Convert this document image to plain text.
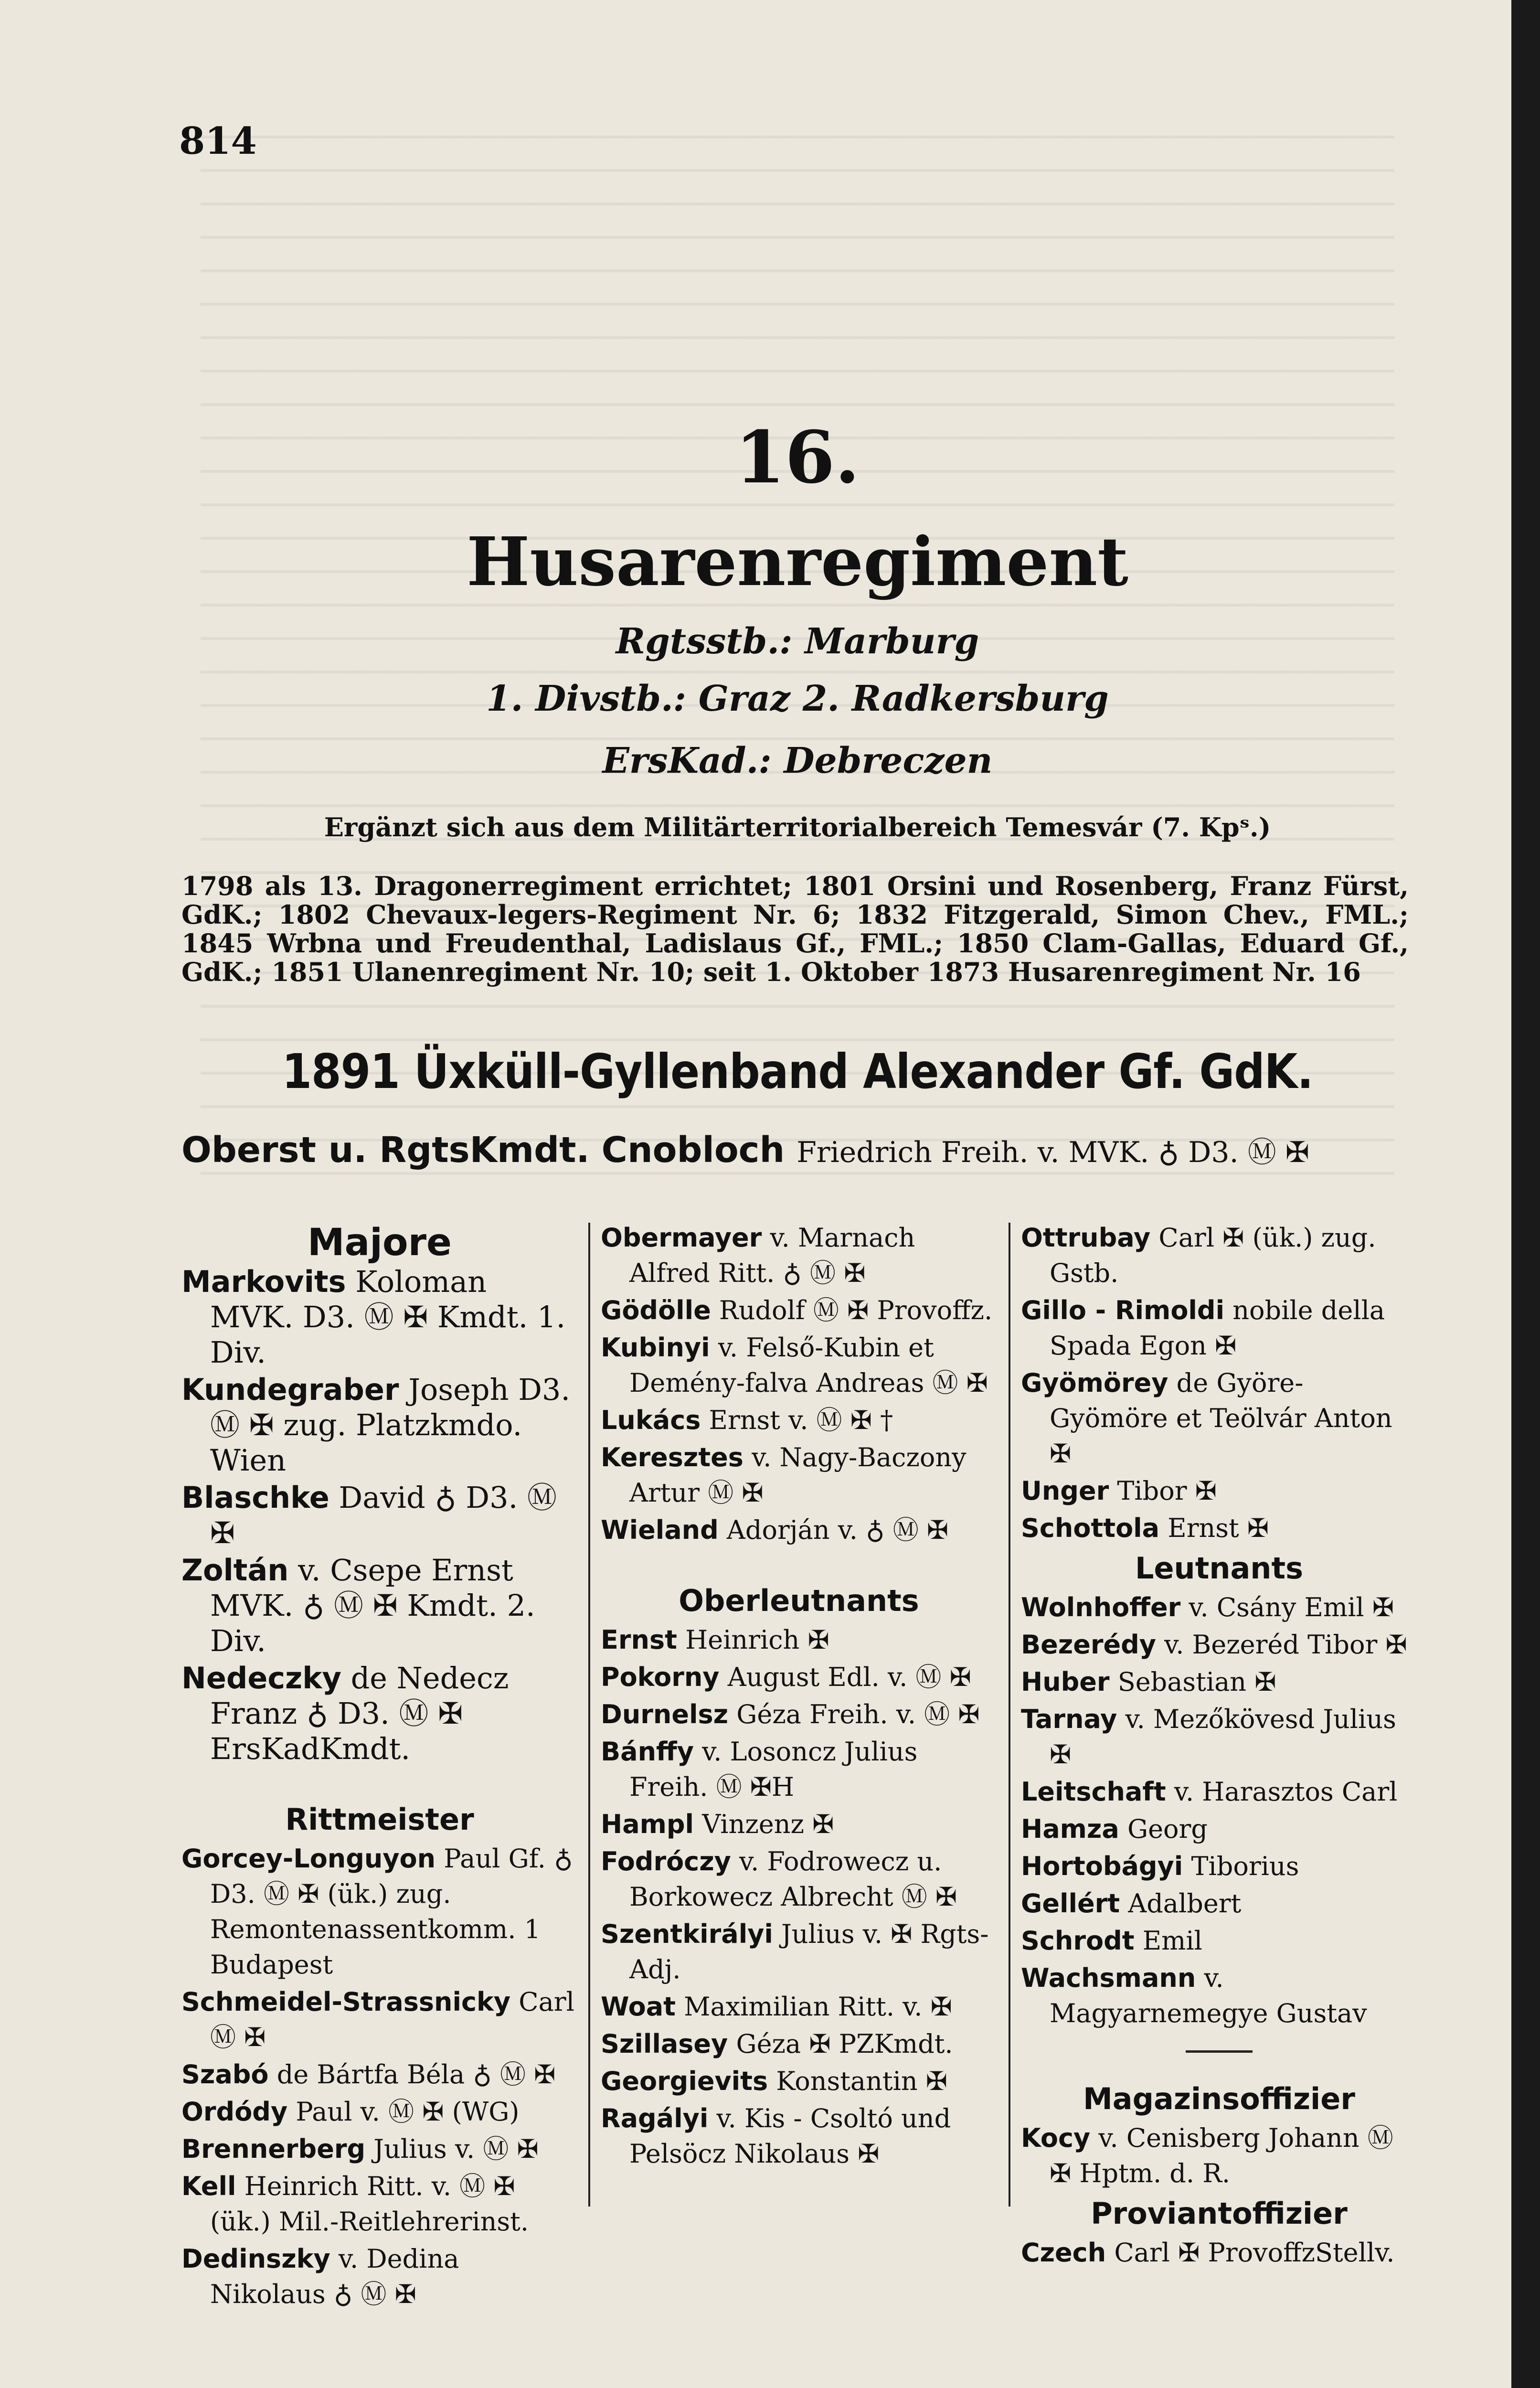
814
16.
Husarenregiment
Rgtsstb.: Marburg
1. Divstb.: Graz 2. Radkersburg
ErsKad.: Debreczen
Ergänzt sich aus dem Militärterritorialbereich Temesvár (7. Kpˢ.)
1798 als 13. Dragonerregiment errichtet; 1801 Orsini und Rosenberg, Franz Fürst, GdK.; 1802 Chevaux-legers-Regiment Nr. 6; 1832 Fitzgerald, Simon Chev., FML.; 1845 Wrbna und Freudenthal, Ladislaus Gf., FML.; 1850 Clam-Gallas, Eduard Gf., GdK.; 1851 Ulanenregiment Nr. 10; seit 1. Oktober 1873 Husarenregiment Nr. 16
1891 Üxküll-Gyllenband Alexander Gf. GdK.
Oberst u. RgtsKmdt. Cnobloch Friedrich Freih. v. MVK. ♁ D3. Ⓜ ✠
Majore
Markovits Koloman MVK. D3. Ⓜ ✠ Kmdt. 1. Div.
Kundegraber Joseph D3. Ⓜ ✠ zug. Platzkmdo. Wien
Blaschke David ♁ D3. Ⓜ ✠
Zoltán v. Csepe Ernst MVK. ♁ Ⓜ ✠ Kmdt. 2. Div.
Nedeczky de Nedecz Franz ♁ D3. Ⓜ ✠ ErsKadKmdt.
Rittmeister
Gorcey-Longuyon Paul Gf. ♁ D3. Ⓜ ✠ (ük.) zug. Remontenassentkomm. 1 Budapest
Schmeidel-Strassnicky Carl Ⓜ ✠
Szabó de Bártfa Béla ♁ Ⓜ ✠
Ordódy Paul v. Ⓜ ✠ (WG)
Brennerberg Julius v. Ⓜ ✠
Kell Heinrich Ritt. v. Ⓜ ✠ (ük.) Mil.-Reitlehrerinst.
Dedinszky v. Dedina Nikolaus ♁ Ⓜ ✠
Obermayer v. Marnach Alfred Ritt. ♁ Ⓜ ✠
Gödölle Rudolf Ⓜ ✠ Provoffz.
Kubinyi v. Felső-Kubin et Demény-falva Andreas Ⓜ ✠
Lukács Ernst v. Ⓜ ✠ †
Keresztes v. Nagy-Baczony Artur Ⓜ ✠
Wieland Adorján v. ♁ Ⓜ ✠
Oberleutnants
Ernst Heinrich ✠
Pokorny August Edl. v. Ⓜ ✠
Durnelsz Géza Freih. v. Ⓜ ✠
Bánffy v. Losoncz Julius Freih. Ⓜ ✠H
Hampl Vinzenz ✠
Fodróczy v. Fodrowecz u. Borkowecz Albrecht Ⓜ ✠
Szentkirályi Julius v. ✠ Rgts-Adj.
Woat Maximilian Ritt. v. ✠
Szillasey Géza ✠ PZKmdt.
Georgievits Konstantin ✠
Ragályi v. Kis - Csoltó und Pelsöcz Nikolaus ✠
Ottrubay Carl ✠ (ük.) zug. Gstb.
Gillo - Rimoldi nobile della Spada Egon ✠
Gyömörey de Györe-Gyömöre et Teölvár Anton ✠
Unger Tibor ✠
Schottola Ernst ✠
Leutnants
Wolnhoffer v. Csány Emil ✠
Bezerédy v. Bezeréd Tibor ✠
Huber Sebastian ✠
Tarnay v. Mezőkövesd Julius ✠
Leitschaft v. Harasztos Carl
Hamza Georg
Hortobágyi Tiborius
Gellért Adalbert
Schrodt Emil
Wachsmann v. Magyarnemegye Gustav
Magazinsoffizier
Kocy v. Cenisberg Johann Ⓜ ✠ Hptm. d. R.
Proviantoffizier
Czech Carl ✠ ProvoffzStellv.
